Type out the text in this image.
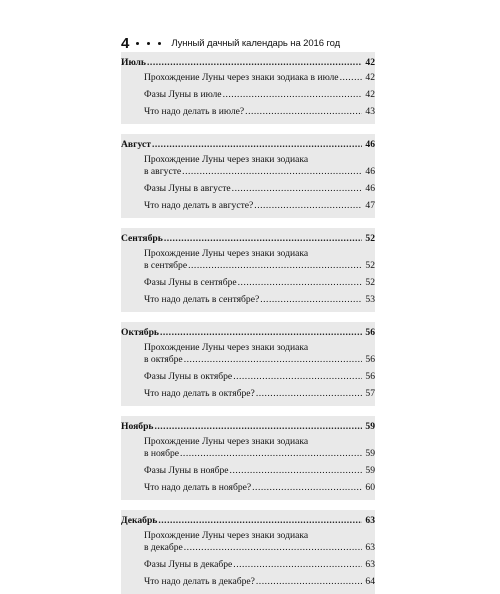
4	Лунный дачный календарь на 2016 год
Июль .....	42
Прохождение Луны через знаки зодиака в июле .....	42
Фазы Луны в июле .....	42
Что надо делать в июле? .....	43
Август .....	46
Прохождение Луны через знаки зодиака
в августе .....	46
Фазы Луны в августе .....	46
Что надо делать в августе? .....	47
Сентябрь .....	52
Прохождение Луны через знаки зодиака
в сентябре .....	52
Фазы Луны в сентябре .....	52
Что надо делать в сентябре? .....	53
Октябрь .....	56
Прохождение Луны через знаки зодиака
в октябре .....	56
Фазы Луны в октябре .....	56
Что надо делать в октябре? .....	57
Ноябрь .....	59
Прохождение Луны через знаки зодиака
в ноябре .....	59
Фазы Луны в ноябре .....	59
Что надо делать в ноябре? .....	60
Декабрь .....	63
Прохождение Луны через знаки зодиака
в декабре .....	63
Фазы Луны в декабре .....	63
Что надо делать в декабре? .....	64
